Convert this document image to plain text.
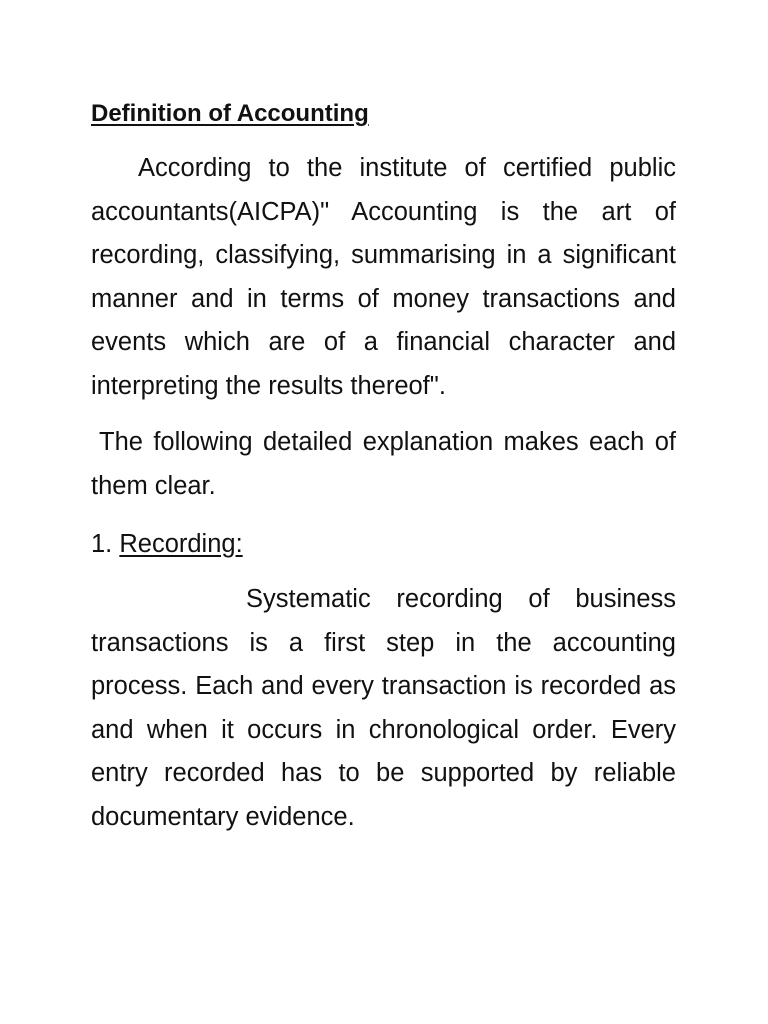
Definition of Accounting

According to the institute of certified public accountants(AICPA)" Accounting is the art of recording, classifying, summarising in a significant manner and in terms of money transactions and events which are of a financial character and interpreting the results thereof".

The following detailed explanation makes each of them clear.

1. Recording:

Systematic recording of business transactions is a first step in the accounting process. Each and every transaction is recorded as and when it occurs in chronological order. Every entry recorded has to be supported by reliable documentary evidence.
